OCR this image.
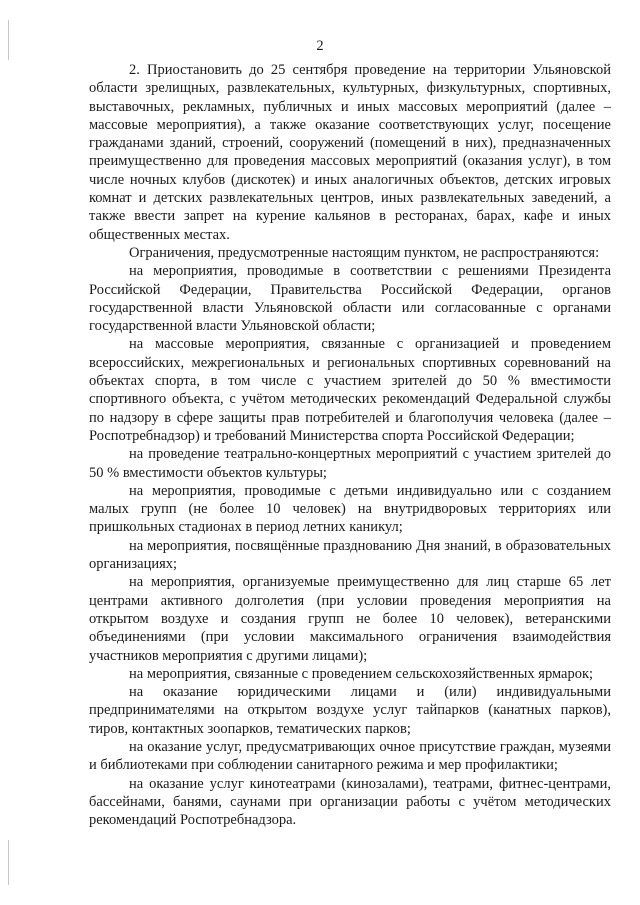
2

2. Приостановить до 25 сентября проведение на территории Ульяновской области зрелищных, развлекательных, культурных, физкультурных, спортивных, выставочных, рекламных, публичных и иных массовых мероприятий (далее – массовые мероприятия), а также оказание соответствующих услуг, посещение гражданами зданий, строений, сооружений (помещений в них), предназначенных преимущественно для проведения массовых мероприятий (оказания услуг), в том числе ночных клубов (дискотек) и иных аналогичных объектов, детских игровых комнат и детских развлекательных центров, иных развлекательных заведений, а также ввести запрет на курение кальянов в ресторанах, барах, кафе и иных общественных местах.

Ограничения, предусмотренные настоящим пунктом, не распространяются:

на мероприятия, проводимые в соответствии с решениями Президента Российской Федерации, Правительства Российской Федерации, органов государственной власти Ульяновской области или согласованные с органами государственной власти Ульяновской области;

на массовые мероприятия, связанные с организацией и проведением всероссийских, межрегиональных и региональных спортивных соревнований на объектах спорта, в том числе с участием зрителей до 50 % вместимости спортивного объекта, с учётом методических рекомендаций Федеральной службы по надзору в сфере защиты прав потребителей и благополучия человека (далее – Роспотребнадзор) и требований Министерства спорта Российской Федерации;

на проведение театрально-концертных мероприятий с участием зрителей до 50 % вместимости объектов культуры;

на мероприятия, проводимые с детьми индивидуально или с созданием малых групп (не более 10 человек) на внутридворовых территориях или пришкольных стадионах в период летних каникул;

на мероприятия, посвящённые празднованию Дня знаний, в образовательных организациях;

на мероприятия, организуемые преимущественно для лиц старше 65 лет центрами активного долголетия (при условии проведения мероприятия на открытом воздухе и создания групп не более 10 человек), ветеранскими объединениями (при условии максимального ограничения взаимодействия участников мероприятия с другими лицами);

на мероприятия, связанные с проведением сельскохозяйственных ярмарок;

на оказание юридическими лицами и (или) индивидуальными предпринимателями на открытом воздухе услуг тайпарков (канатных парков), тиров, контактных зоопарков, тематических парков;

на оказание услуг, предусматривающих очное присутствие граждан, музеями и библиотеками при соблюдении санитарного режима и мер профилактики;

на оказание услуг кинотеатрами (кинозалами), театрами, фитнес-центрами, бассейнами, банями, саунами при организации работы с учётом методических рекомендаций Роспотребнадзора.
